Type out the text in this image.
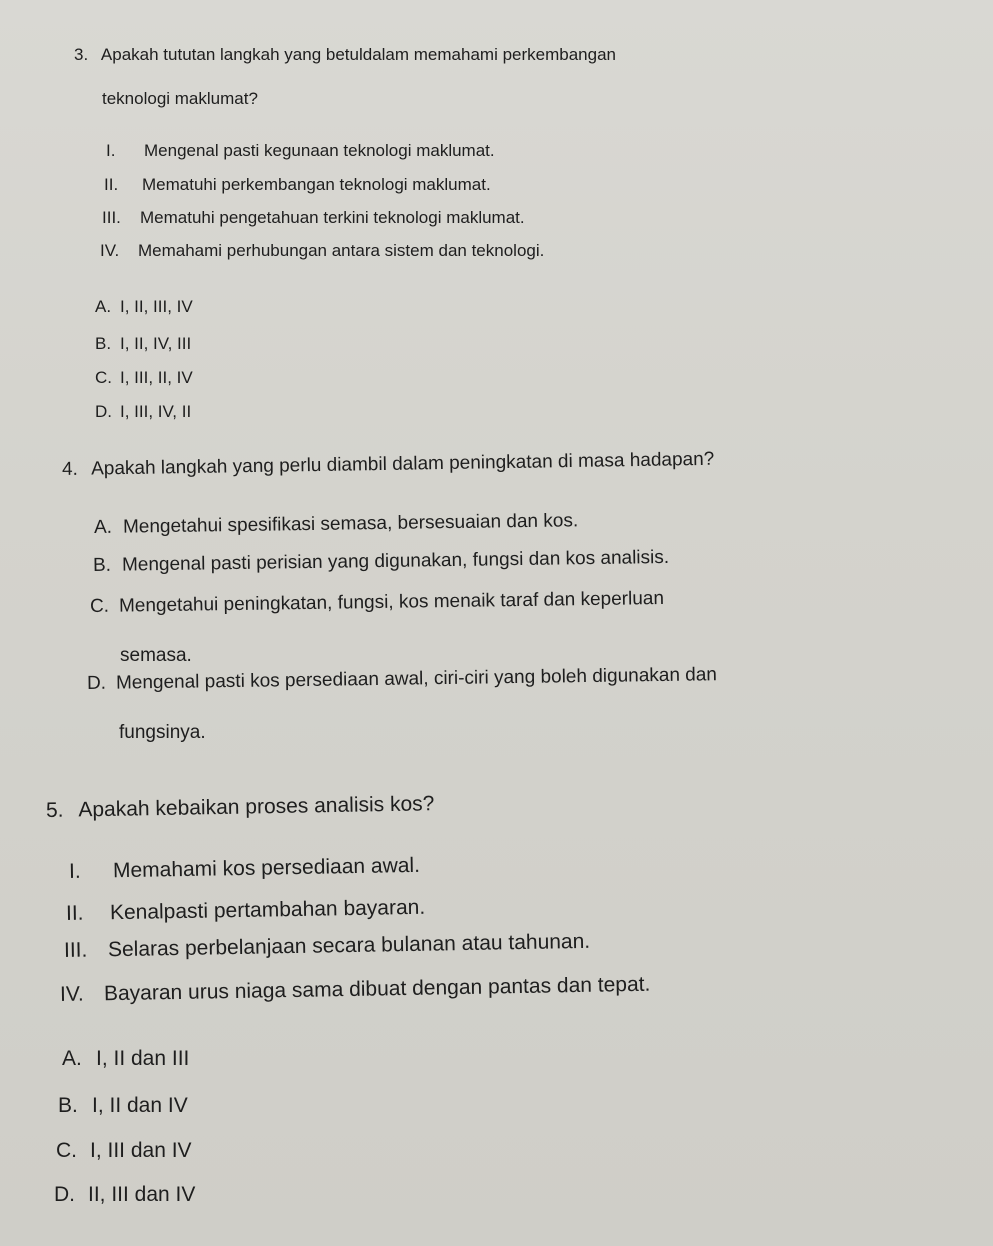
3. Apakah tututan langkah yang betuldalam memahami perkembangan
teknologi maklumat?
I. Mengenal pasti kegunaan teknologi maklumat.
II. Mematuhi perkembangan teknologi maklumat.
III. Mematuhi pengetahuan terkini teknologi maklumat.
IV. Memahami perhubungan antara sistem dan teknologi.
A. I, II, III, IV
B. I, II, IV, III
C. I, III, II, IV
D. I, III, IV, II
4. Apakah langkah yang perlu diambil dalam peningkatan di masa hadapan?
A. Mengetahui spesifikasi semasa, bersesuaian dan kos.
B. Mengenal pasti perisian yang digunakan, fungsi dan kos analisis.
C. Mengetahui peningkatan, fungsi, kos menaik taraf dan keperluan
semasa.
D. Mengenal pasti kos persediaan awal, ciri-ciri yang boleh digunakan dan
fungsinya.
5. Apakah kebaikan proses analisis kos?
I. Memahami kos persediaan awal.
II. Kenalpasti pertambahan bayaran.
III. Selaras perbelanjaan secara bulanan atau tahunan.
IV. Bayaran urus niaga sama dibuat dengan pantas dan tepat.
A. I, II dan III
B. I, II dan IV
C. I, III dan IV
D. II, III dan IV
